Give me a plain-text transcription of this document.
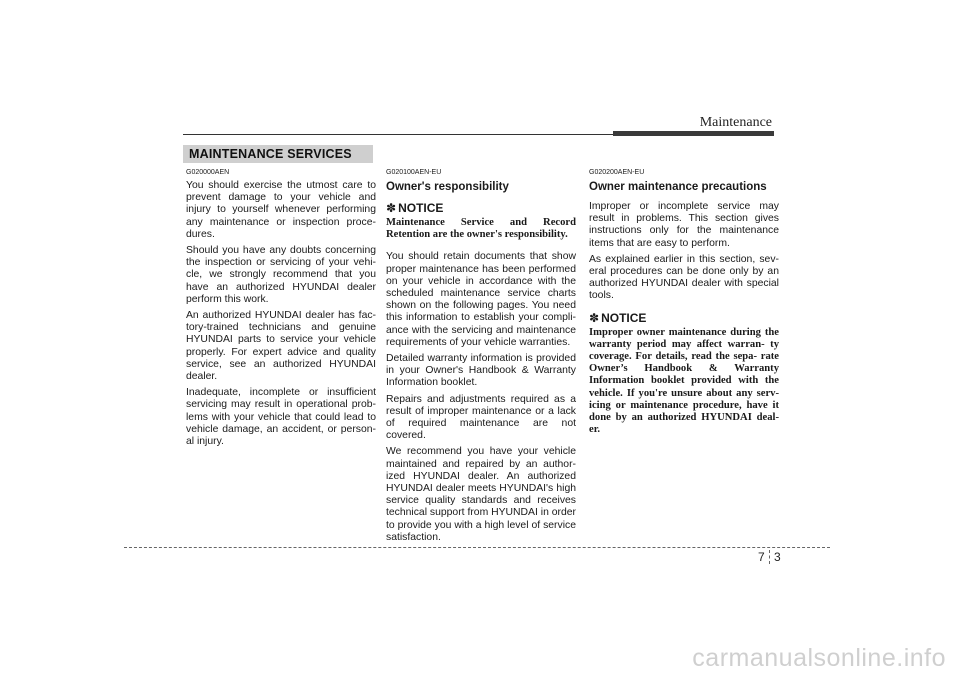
Maintenance
MAINTENANCE SERVICES

G020000AEN

You should exercise the utmost care to prevent damage to your vehicle and injury to yourself whenever performing any maintenance or inspection proce- dures.

Should you have any doubts concerning the inspection or servicing of your vehi- cle, we strongly recommend that you have an authorized HYUNDAI dealer perform this work.

An authorized HYUNDAI dealer has fac- tory-trained technicians and genuine HYUNDAI parts to service your vehicle properly. For expert advice and quality service, see an authorized HYUNDAI dealer.

Inadequate, incomplete or insufficient servicing may result in operational prob- lems with your vehicle that could lead to vehicle damage, an accident, or person- al injury.

G020100AEN-EU

Owner's responsibility

✽ NOTICE

Maintenance Service and Record Retention are the owner's responsibility.

You should retain documents that show proper maintenance has been performed on your vehicle in accordance with the scheduled maintenance service charts shown on the following pages. You need this information to establish your compli- ance with the servicing and maintenance requirements of your vehicle warranties.

Detailed warranty information is provided in your Owner's Handbook & Warranty Information booklet.

Repairs and adjustments required as a result of improper maintenance or a lack of required maintenance are not covered.

We recommend you have your vehicle maintained and repaired by an author- ized HYUNDAI dealer. An authorized HYUNDAI dealer meets HYUNDAI's high service quality standards and receives technical support from HYUNDAI in order to provide you with a high level of service satisfaction.

G020200AEN-EU

Owner maintenance precautions

Improper or incomplete service may result in problems. This section gives instructions only for the maintenance items that are easy to perform.

As explained earlier in this section, sev- eral procedures can be done only by an authorized HYUNDAI dealer with special tools.

✽ NOTICE

Improper owner maintenance during the warranty period may affect warran- ty coverage. For details, read the sepa- rate Owner’s Handbook & Warranty Information booklet provided with the vehicle. If you're unsure about any serv- icing or maintenance procedure, have it done by an authorized HYUNDAI deal- er.

7 3
carmanualsonline.info
